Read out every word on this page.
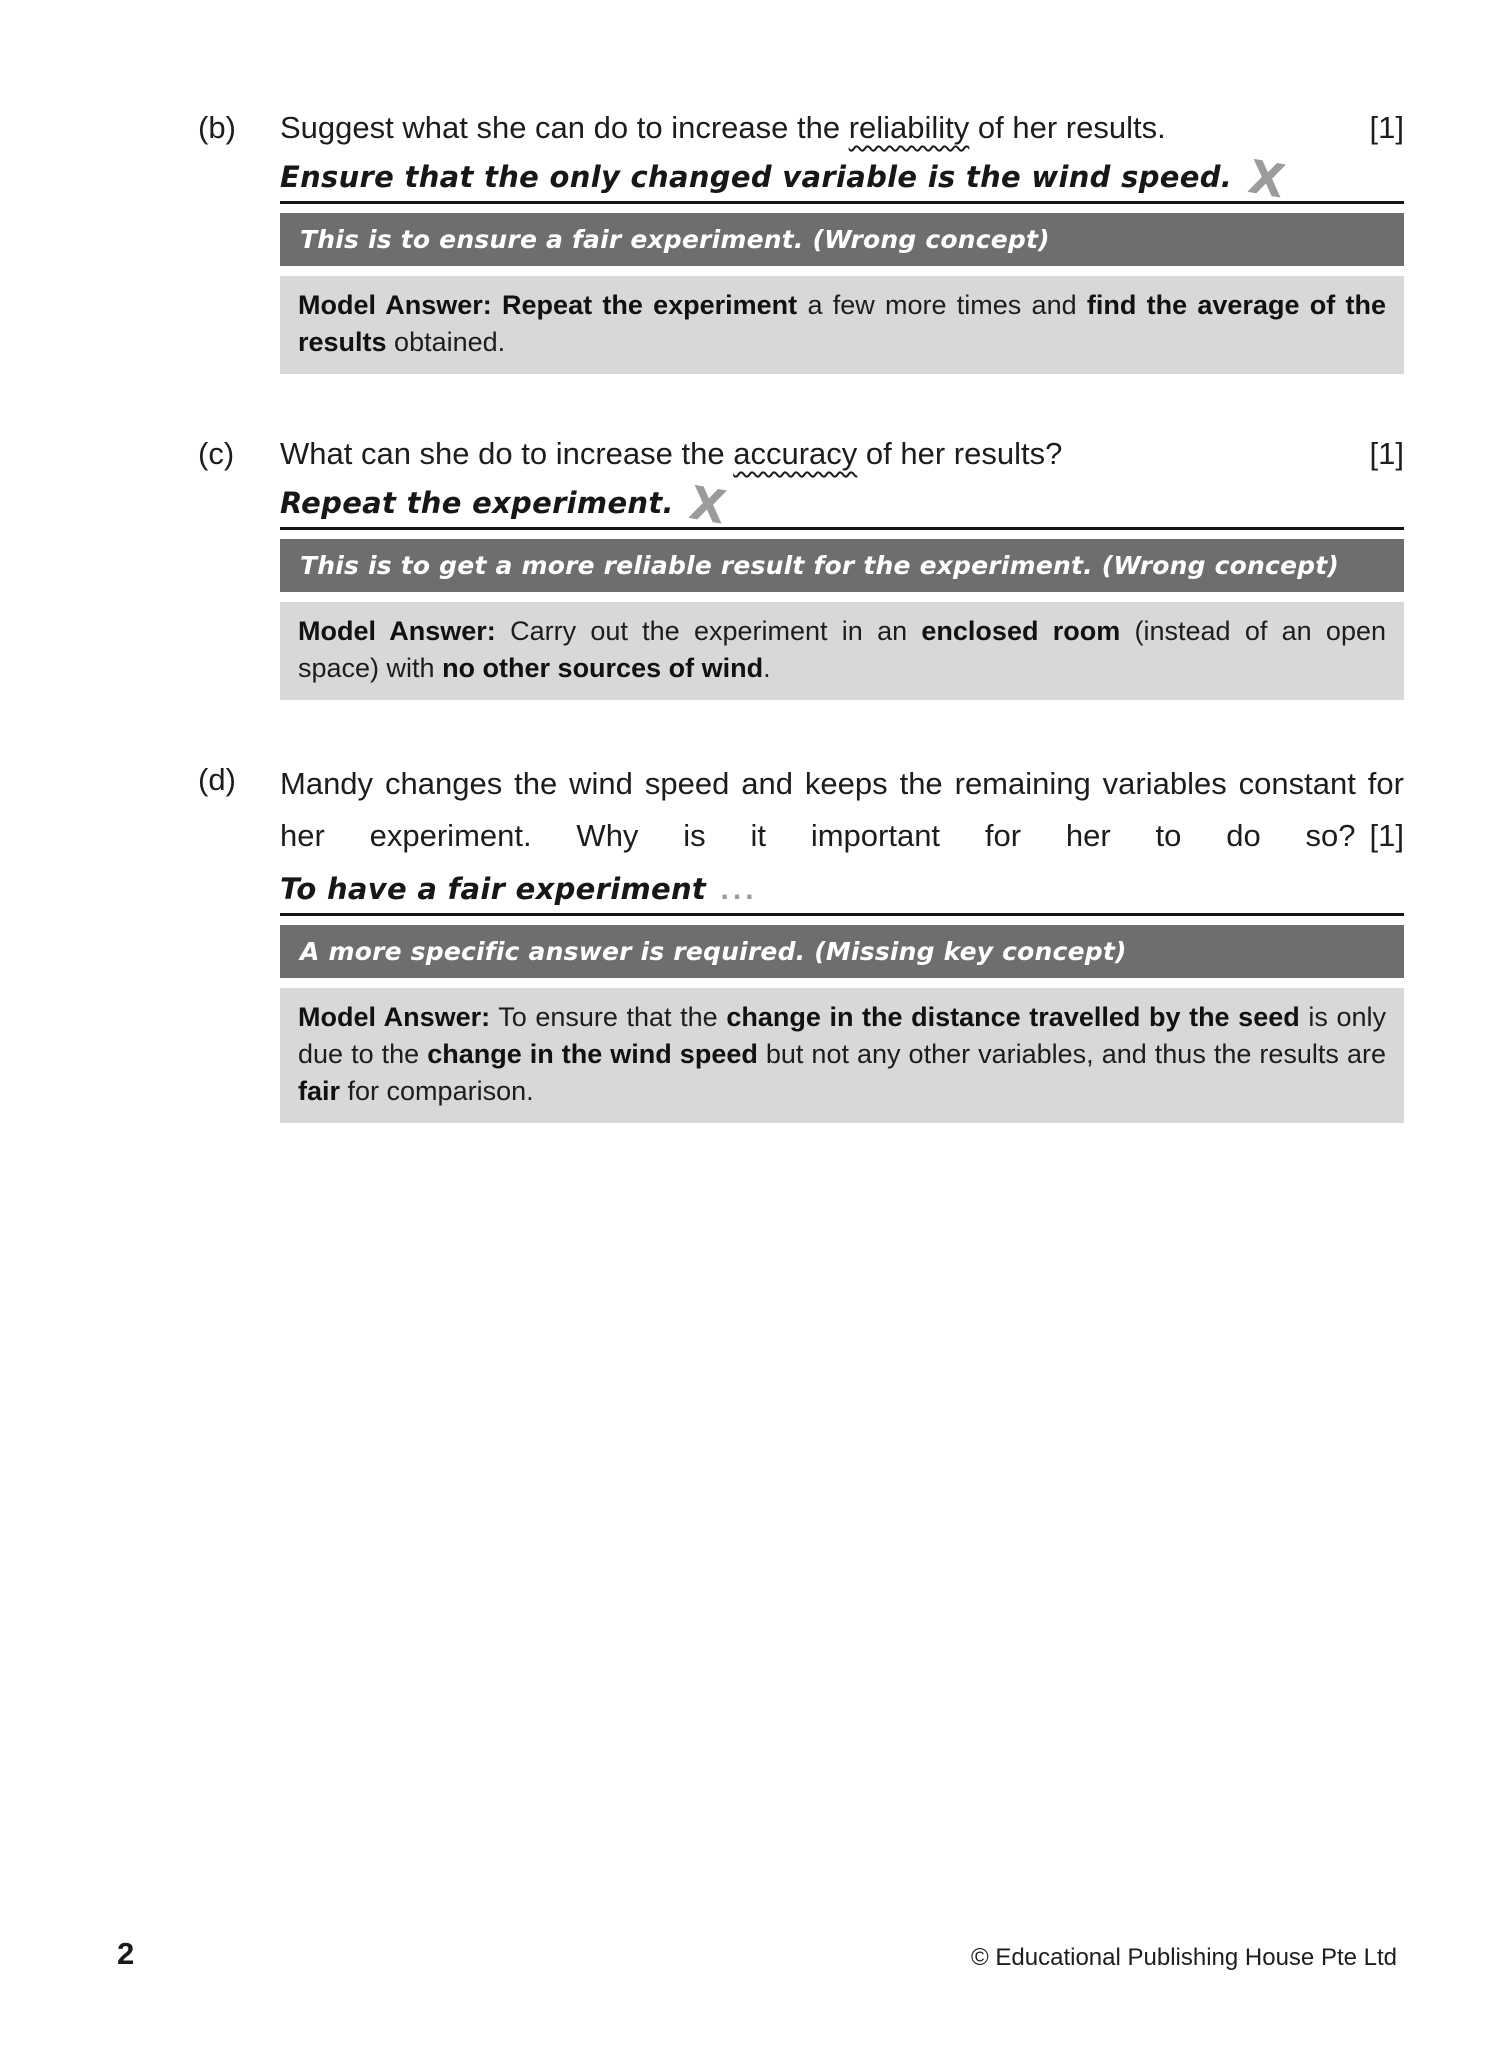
(b)	Suggest what she can do to increase the reliability of her results.	[1]
Ensure that the only changed variable is the wind speed. X
This is to ensure a fair experiment. (Wrong concept)
Model Answer: Repeat the experiment a few more times and find the average of the results obtained.
(c)	What can she do to increase the accuracy of her results?	[1]
Repeat the experiment. X
This is to get a more reliable result for the experiment. (Wrong concept)
Model Answer: Carry out the experiment in an enclosed room (instead of an open space) with no other sources of wind.
(d)	Mandy changes the wind speed and keeps the remaining variables constant for her experiment. Why is it important for her to do so? [1]
To have a fair experiment ...
A more specific answer is required. (Missing key concept)
Model Answer: To ensure that the change in the distance travelled by the seed is only due to the change in the wind speed but not any other variables, and thus the results are fair for comparison.
2	© Educational Publishing House Pte Ltd
